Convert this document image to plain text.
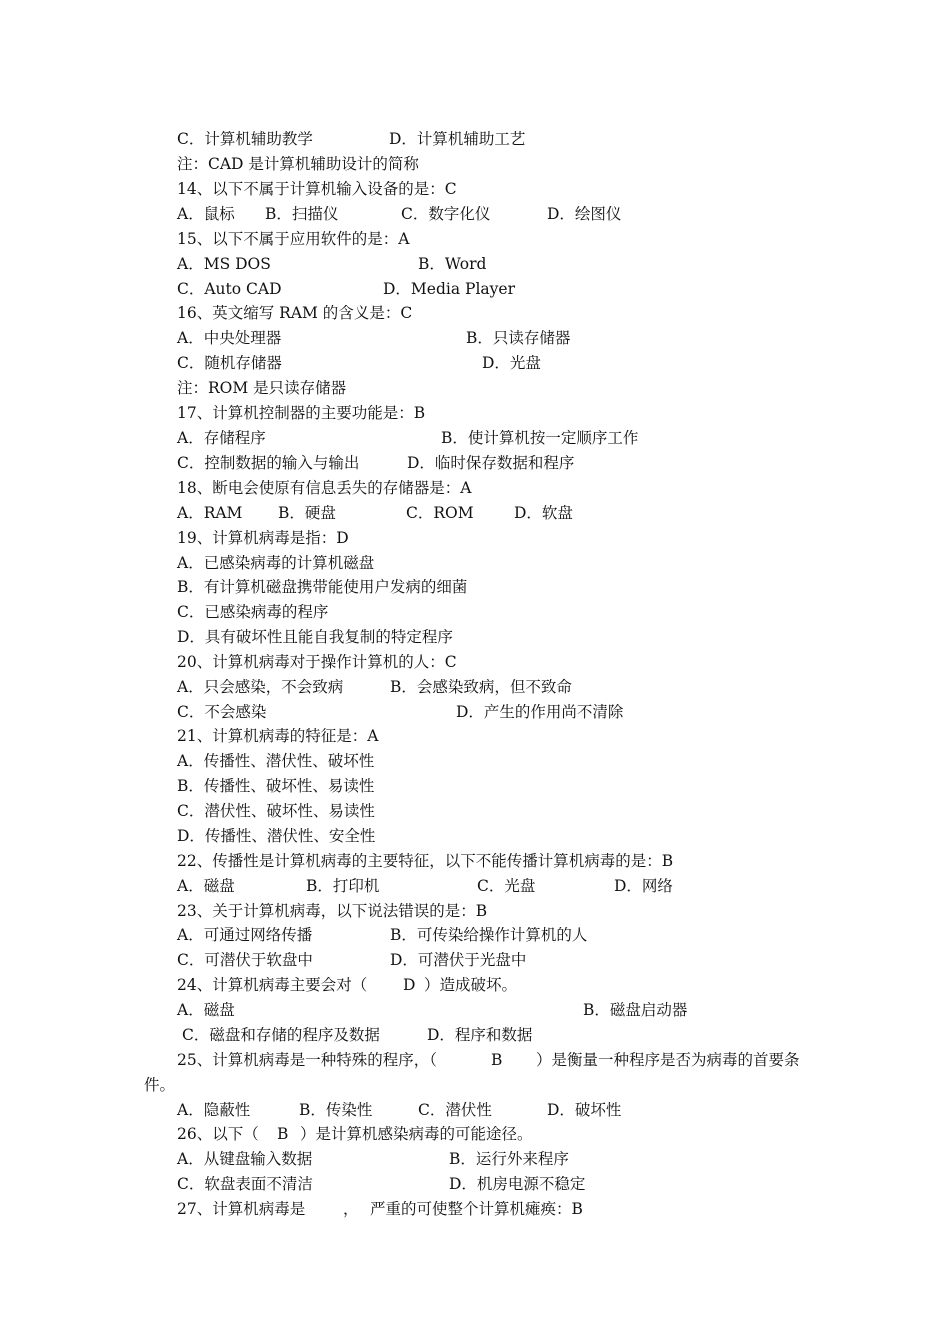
C．计算机辅助教学	D．计算机辅助工艺
注：CAD 是计算机辅助设计的简称
14、以下不属于计算机输入设备的是：C
A．鼠标 B．扫描仪	C．数字化仪	D．绘图仪
15、以下不属于应用软件的是：A
A．MS DOS	B．Word
C．Auto CAD	D．Media Player
16、英文缩写 RAM 的含义是：C
A．中央处理器	B．只读存储器
C．随机存储器	D．光盘
注：ROM 是只读存储器
17、计算机控制器的主要功能是：B
A．存储程序	B．使计算机按一定顺序工作
C．控制数据的输入与输出	D．临时保存数据和程序
18、断电会使原有信息丢失的存储器是：A
A．RAM B．硬盘	C．ROM	D．软盘
19、计算机病毒是指：D
A．已感染病毒的计算机磁盘
B．有计算机磁盘携带能使用户发病的细菌
C．已感染病毒的程序
D．具有破坏性且能自我复制的特定程序
20、计算机病毒对于操作计算机的人：C
A．只会感染，不会致病	B．会感染致病，但不致命
C．不会感染	D．产生的作用尚不清除
21、计算机病毒的特征是：A
A．传播性、潜伏性、破坏性
B．传播性、破坏性、易读性
C．潜伏性、破坏性、易读性
D．传播性、潜伏性、安全性
22、传播性是计算机病毒的主要特征，以下不能传播计算机病毒的是：B
A．磁盘	B．打印机	C．光盘	D．网络
23、关于计算机病毒，以下说法错误的是：B
A．可通过网络传播	B．可传染给操作计算机的人
C．可潜伏于软盘中	D．可潜伏于光盘中
24、计算机病毒主要会对（ D ）造成破坏。
A．磁盘	B．磁盘启动器
C．磁盘和存储的程序及数据	D．程序和数据
25、计算机病毒是一种特殊的程序，（	B ）是衡量一种程序是否为病毒的首要条
件。
A．隐蔽性	B．传染性	C．潜伏性	D．破坏性
26、以下（ B ）是计算机感染病毒的可能途径。
A．从键盘输入数据	B．运行外来程序
C．软盘表面不清洁	D．机房电源不稳定
27、计算机病毒是 ， 严重的可使整个计算机瘫痪：B
